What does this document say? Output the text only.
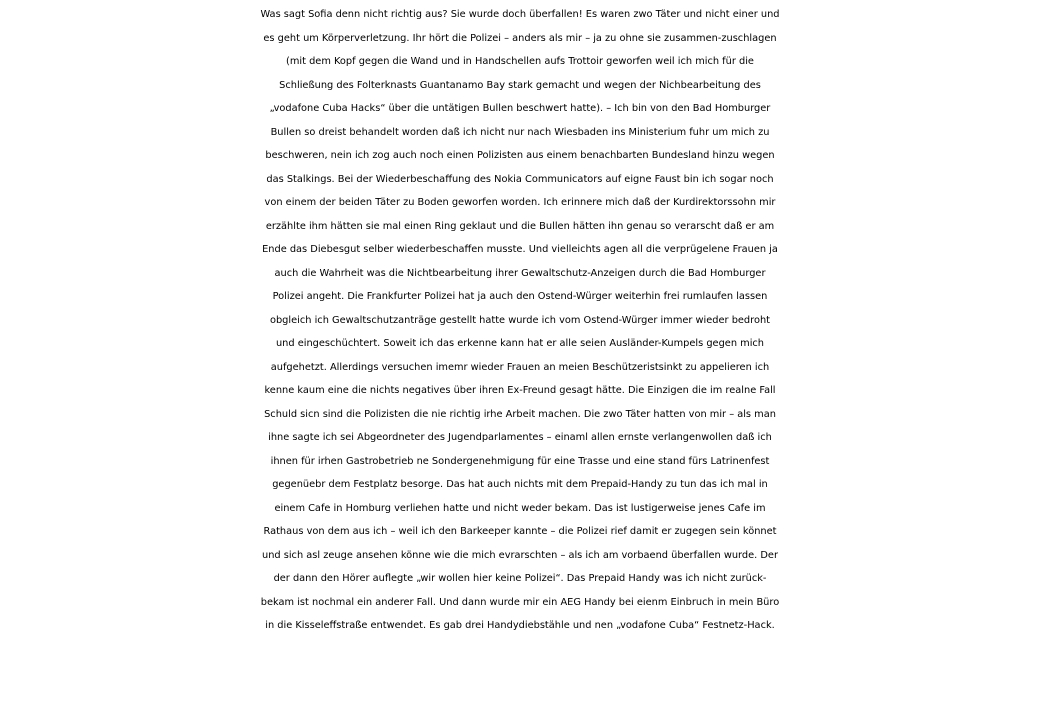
Was sagt Sofia denn nicht richtig aus? Sie wurde doch überfallen! Es waren zwo Täter und nicht einer und

es geht um Körperverletzung. Ihr hört die Polizei – anders als mir – ja zu ohne sie zusammen-zuschlagen

(mit dem Kopf gegen die Wand und in Handschellen aufs Trottoir geworfen weil ich mich für die

Schließung des Folterknasts Guantanamo Bay stark gemacht und wegen der Nichbearbeitung des

„vodafone Cuba Hacks“ über die untätigen Bullen beschwert hatte). – Ich bin von den Bad Homburger

Bullen so dreist behandelt worden daß ich nicht nur nach Wiesbaden ins Ministerium fuhr um mich zu

beschweren, nein ich zog auch noch einen Polizisten aus einem benachbarten Bundesland hinzu wegen

das Stalkings. Bei der Wiederbeschaffung des Nokia Communicators auf eigne Faust bin ich sogar noch

von einem der beiden Täter zu Boden geworfen worden. Ich erinnere mich daß der Kurdirektorssohn mir

erzählte ihm hätten sie mal einen Ring geklaut und die Bullen hätten ihn genau so verarscht daß er am

Ende das Diebesgut selber wiederbeschaffen musste. Und vielleichts agen all die verprügelene Frauen ja

auch die Wahrheit was die Nichtbearbeitung ihrer Gewaltschutz-Anzeigen durch die Bad Homburger

Polizei angeht. Die Frankfurter Polizei hat ja auch den Ostend-Würger weiterhin frei rumlaufen lassen

obgleich ich Gewaltschutzanträge gestellt hatte wurde ich vom Ostend-Würger immer wieder bedroht

und eingeschüchtert. Soweit ich das erkenne kann hat er alle seien Ausländer-Kumpels gegen mich

aufgehetzt. Allerdings versuchen imemr wieder Frauen an meien Beschützeristsinkt zu appelieren ich

kenne kaum eine die nichts negatives über ihren Ex-Freund gesagt hätte. Die Einzigen die im realne Fall

Schuld sicn sind die Polizisten die nie richtig irhe Arbeit machen. Die zwo Täter hatten von mir – als man

ihne sagte ich sei Abgeordneter des Jugendparlamentes – einaml allen ernste verlangenwollen daß ich

ihnen für irhen Gastrobetrieb ne Sondergenehmigung für eine Trasse und eine stand fürs Latrinenfest

gegenüebr dem Festplatz besorge. Das hat auch nichts mit dem Prepaid-Handy zu tun das ich mal in

einem Cafe in Homburg verliehen hatte und nicht weder bekam. Das ist lustigerweise jenes Cafe im

Rathaus von dem aus ich – weil ich den Barkeeper kannte – die Polizei rief damit er zugegen sein könnet

und sich asl zeuge ansehen könne wie die mich evrarschten – als ich am vorbaend überfallen wurde. Der

der dann den Hörer auflegte „wir wollen hier keine Polizei“. Das Prepaid Handy was ich nicht zurück-

bekam ist nochmal ein anderer Fall. Und dann wurde mir ein AEG Handy bei eienm Einbruch in mein Büro

in die Kisseleffstraße entwendet. Es gab drei Handydiebstähle und nen „vodafone Cuba“ Festnetz-Hack.
